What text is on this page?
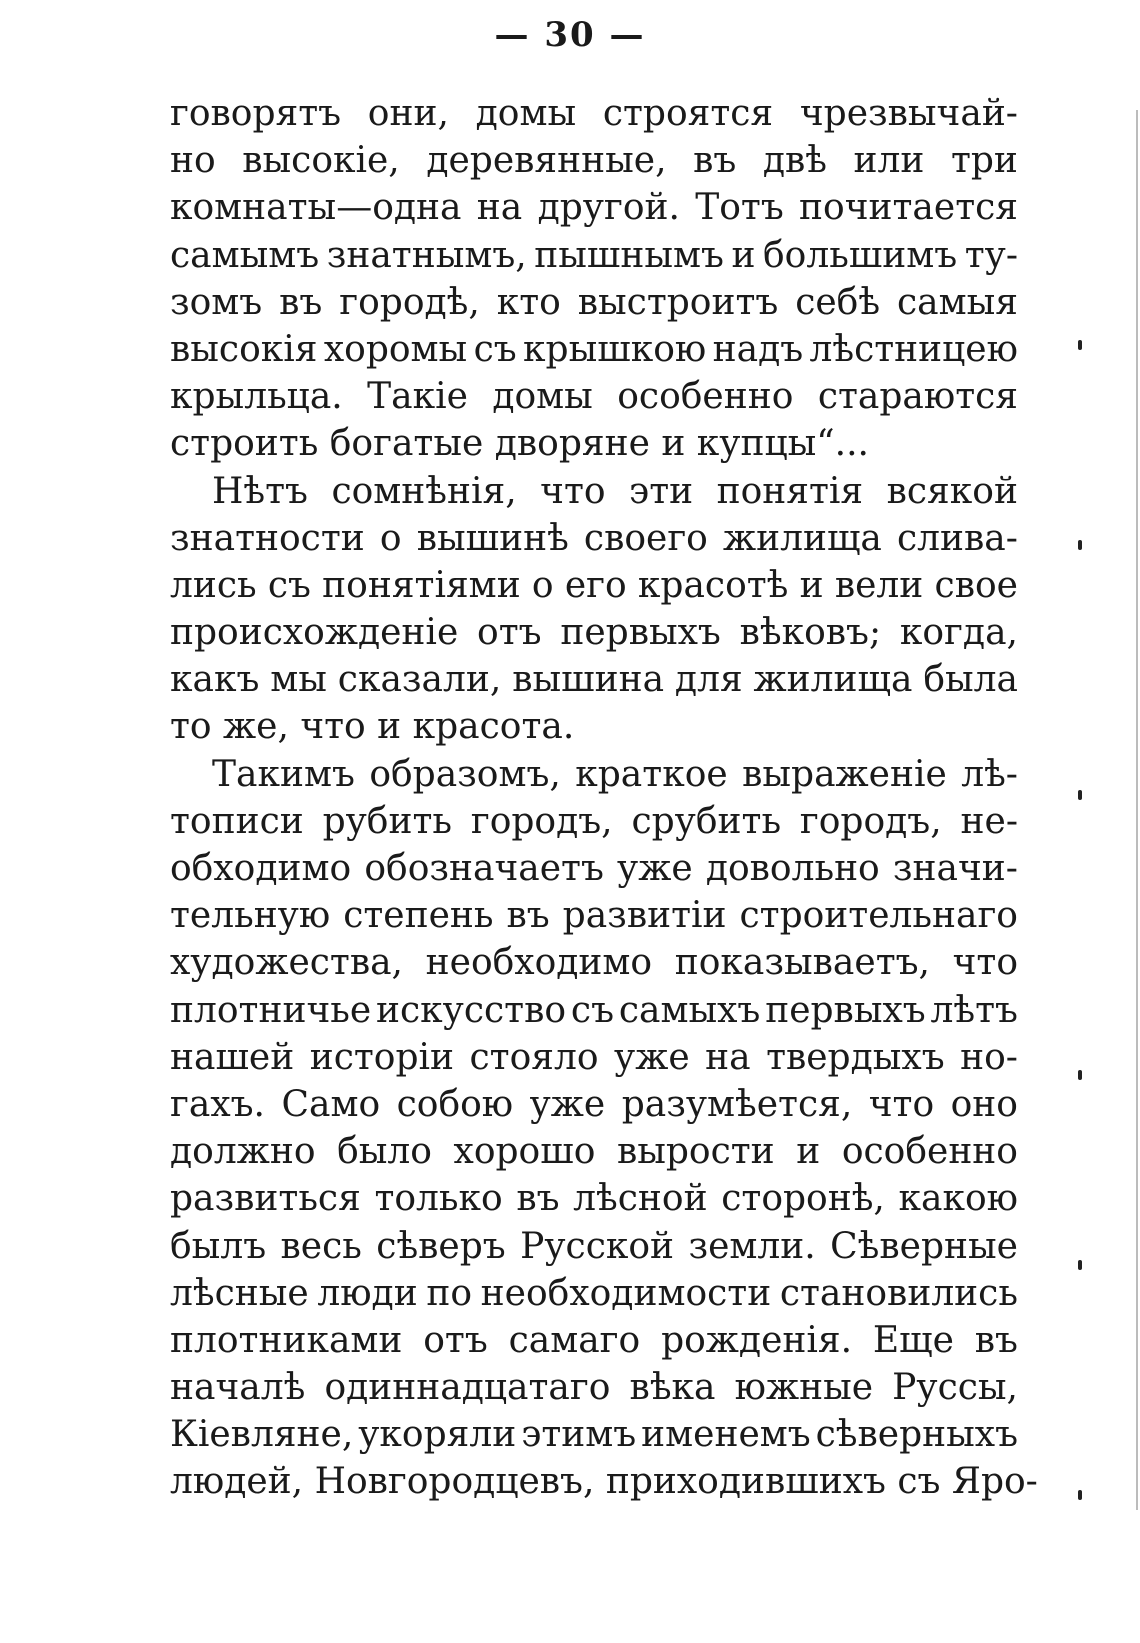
— 30 —
говорятъ они, домы строятся чрезвычай-
но высокіе, деревянные, въ двѣ или три
комнаты—одна на другой. Тотъ почитается
самымъ знатнымъ, пышнымъ и большимъ ту-
зомъ въ городѣ, кто выстроитъ себѣ самыя
высокія хоромы съ крышкою надъ лѣстницею
крыльца. Такіе домы особенно стараются
строить богатые дворяне и купцы“...
Нѣтъ сомнѣнія, что эти понятія всякой
знатности о вышинѣ своего жилища слива-
лись съ понятіями о его красотѣ и вели свое
происхожденіе отъ первыхъ вѣковъ; когда,
какъ мы сказали, вышина для жилища была
то же, что и красота.
Такимъ образомъ, краткое выраженіе лѣ-
тописи рубить городъ, срубить городъ, не-
обходимо обозначаетъ уже довольно значи-
тельную степень въ развитіи строительнаго
художества, необходимо показываетъ, что
плотничье искусство съ самыхъ первыхъ лѣтъ
нашей исторіи стояло уже на твердыхъ но-
гахъ. Само собою уже разумѣется, что оно
должно было хорошо вырости и особенно
развиться только въ лѣсной сторонѣ, какою
былъ весь сѣверъ Русской земли. Сѣверные
лѣсные люди по необходимости становились
плотниками отъ самаго рожденія. Еще въ
началѣ одиннадцатаго вѣка южные Руссы,
Кіевляне, укоряли этимъ именемъ сѣверныхъ
людей, Новгородцевъ, приходившихъ съ Яро-
